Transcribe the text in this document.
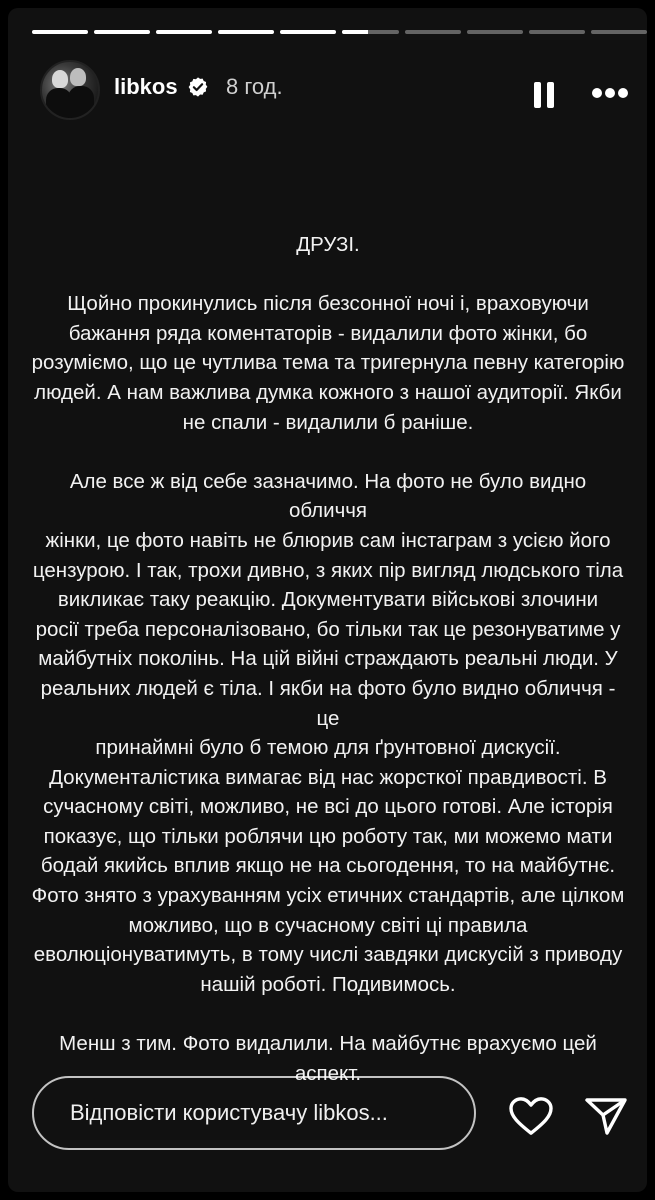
libkos 8 год.

ДРУЗІ.

Щойно прокинулись після безсонної ночі і, враховуючи
бажання ряда коментаторів - видалили фото жінки, бо
розуміємо, що це чутлива тема та тригернула певну категорію
людей. А нам важлива думка кожного з нашої аудиторії. Якби
не спали - видалили б раніше.

Але все ж від себе зазначимо. На фото не було видно обличчя
жінки, це фото навіть не блюрив сам інстаграм з усією його
цензурою. І так, трохи дивно, з яких пір вигляд людського тіла
викликає таку реакцію. Документувати військові злочини
росії треба персоналізовано, бо тільки так це резонуватиме у
майбутніх поколінь. На цій війні страждають реальні люди. У
реальних людей є тіла. І якби на фото було видно обличчя - це
принаймні було б темою для ґрунтовної дискусії.
Документалістика вимагає від нас жорсткої правдивості. В
сучасному світі, можливо, не всі до цього готові. Але історія
показує, що тільки роблячи цю роботу так, ми можемо мати
бодай якийсь вплив якщо не на сьогодення, то на майбутнє.
Фото знято з урахуванням усіх етичних стандартів, але цілком
можливо, що в сучасному світі ці правила
еволюціонуватимуть, в тому числі завдяки дискусій з приводу
нашій роботі. Подивимось.

Менш з тим. Фото видалили. На майбутнє врахуємо цей
аспект.

Відповісти користувачу libkos...
